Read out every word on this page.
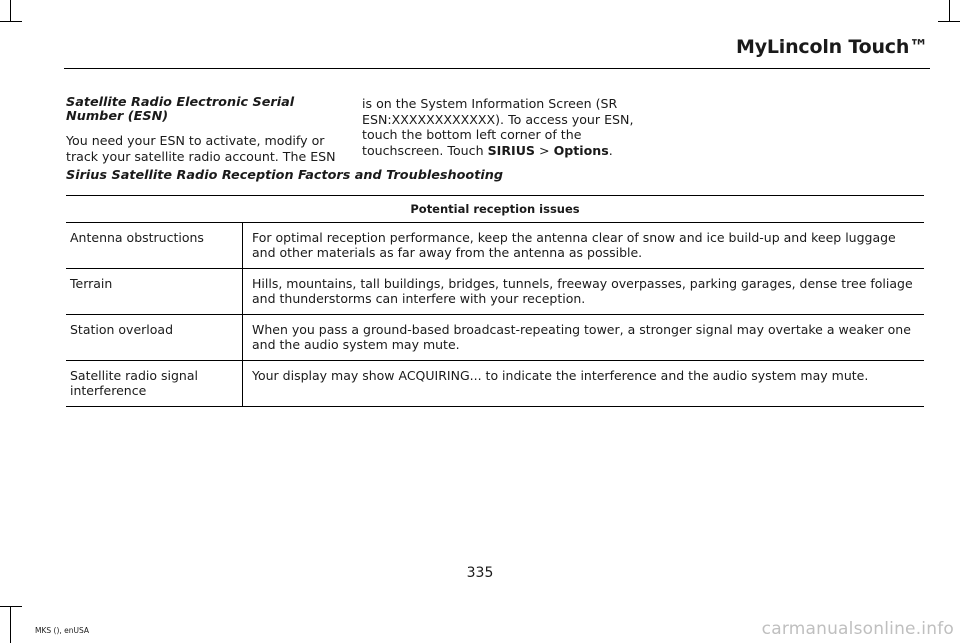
MyLincoln Touch™
Satellite Radio Electronic Serial Number (ESN)

You need your ESN to activate, modify or track your satellite radio account. The ESN

is on the System Information Screen (SR ESN:XXXXXXXXXXXX). To access your ESN, touch the bottom left corner of the touchscreen. Touch SIRIUS > Options.

Sirius Satellite Radio Reception Factors and Troubleshooting
Potential reception issues	
Antenna obstructions	For optimal reception performance, keep the antenna clear of snow and ice build-up and keep luggage and other materials as far away from the antenna as possible.
Terrain	Hills, mountains, tall buildings, bridges, tunnels, freeway overpasses, parking garages, dense tree foliage and thunderstorms can interfere with your reception.
Station overload	When you pass a ground-based broadcast-repeating tower, a stronger signal may overtake a weaker one and the audio system may mute.
Satellite radio signal interference	Your display may show ACQUIRING... to indicate the interference and the audio system may mute.
335
MKS (), enUSA	carmanualsonline.info
